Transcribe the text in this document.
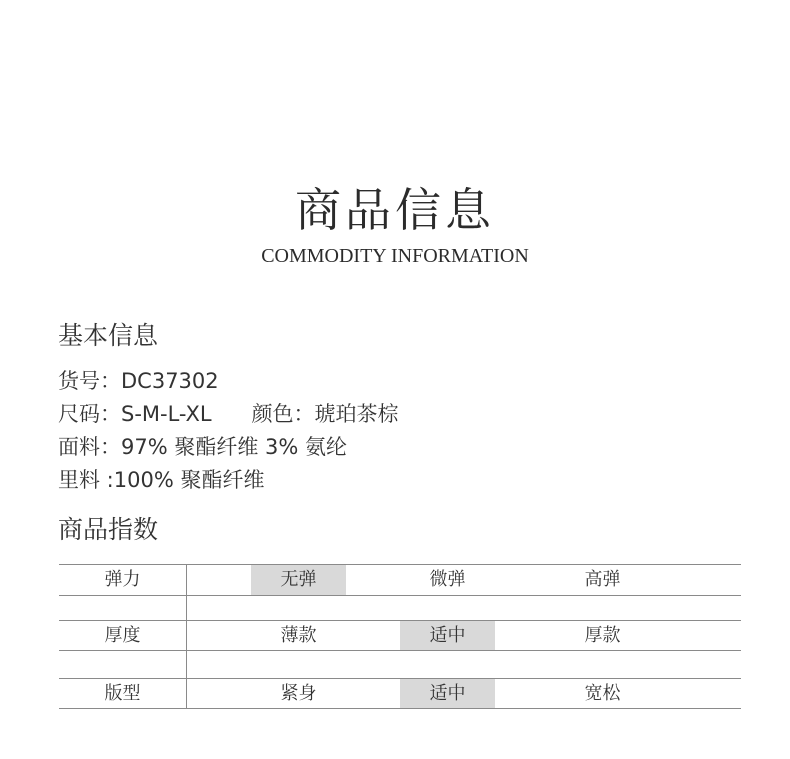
商品信息
COMMODITY INFORMATION
基本信息
货号：DC37302
尺码：S-M-L-XL 颜色：琥珀茶棕
面料：97% 聚酯纤维 3% 氨纶
里料 :100% 聚酯纤维
商品指数
弹力	无弹	微弹	高弹
厚度	薄款	适中	厚款
版型	紧身	适中	宽松
